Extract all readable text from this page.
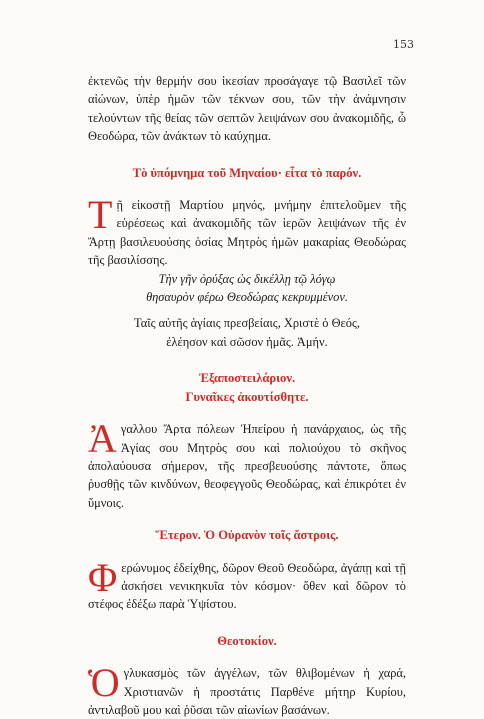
153

ἐκτενῶς τὴν θερμήν σου ἱκεσίαν προσάγαγε τῷ Βασιλεῖ τῶν αἰώνων, ὑπὲρ ἡμῶν τῶν τέκνων σου, τῶν τὴν ἀνάμνησιν τελούντων τῆς θείας τῶν σεπτῶν λειψάνων σου ἀνακομιδῆς, ὦ Θεοδώρα, τῶν ἀνάκτων τὸ καύχημα.

Τὸ ὑπόμνημα τοῦ Μηναίου· εἶτα τὸ παρόν.

Τῇ εἰκοστῇ Μαρτίου μηνός, μνήμην ἐπιτελοῦμεν τῆς εὑρέσεως καὶ ἀνακομιδῆς τῶν ἱερῶν λειψάνων τῆς ἐν Ἄρτῃ βασιλευούσης ὁσίας Μητρὸς ἡμῶν μακαρίας Θεοδώρας τῆς βασιλίσσης.

Τὴν γῆν ὀρύξας ὡς δικέλλῃ τῷ λόγῳ

θησαυρὸν φέρω Θεοδώρας κεκρυμμένον.

Ταῖς αὐτῆς ἁγίαις πρεσβείαις, Χριστὲ ὁ Θεός,

ἐλέησον καὶ σῶσον ἡμᾶς. Ἀμήν.

Ἐξαποστειλάριον.

Γυναῖκες ἀκουτίσθητε.

Ἀγαλλου Ἄρτα πόλεων Ἠπείρου ἡ πανάρχαιος, ὡς τῆς Ἁγίας σου Μητρὸς σου καὶ πολιούχου τὸ σκῆνος ἀπολαύουσα σήμερον, τῆς πρεσβευούσης πάντοτε, ὅπως ῥυσθῇς τῶν κινδύνων, θεοφεγγοῦς Θεοδώρας, καὶ ἐπικρότει ἐν ὕμνοις.

Ἕτερον. Ὁ Οὐρανὸν τοῖς ἄστροις.

Φερώνυμος ἐδείχθης, δῶρον Θεοῦ Θεοδώρα, ἀγάπῃ καὶ τῇ ἀσκήσει νενικηκυῖα τὸν κόσμον· ὅθεν καὶ δῶρον τὸ στέφος ἐδέξω παρὰ Ὑψίστου.

Θεοτοκίον.

Ὁγλυκασμὸς τῶν ἀγγέλων, τῶν θλιβομένων ἡ χαρά, Χριστιανῶν ἡ προστάτις Παρθένε μήτηρ Κυρίου, ἀντιλαβοῦ μου καὶ ῥῦσαι τῶν αἰωνίων βασάνων.
